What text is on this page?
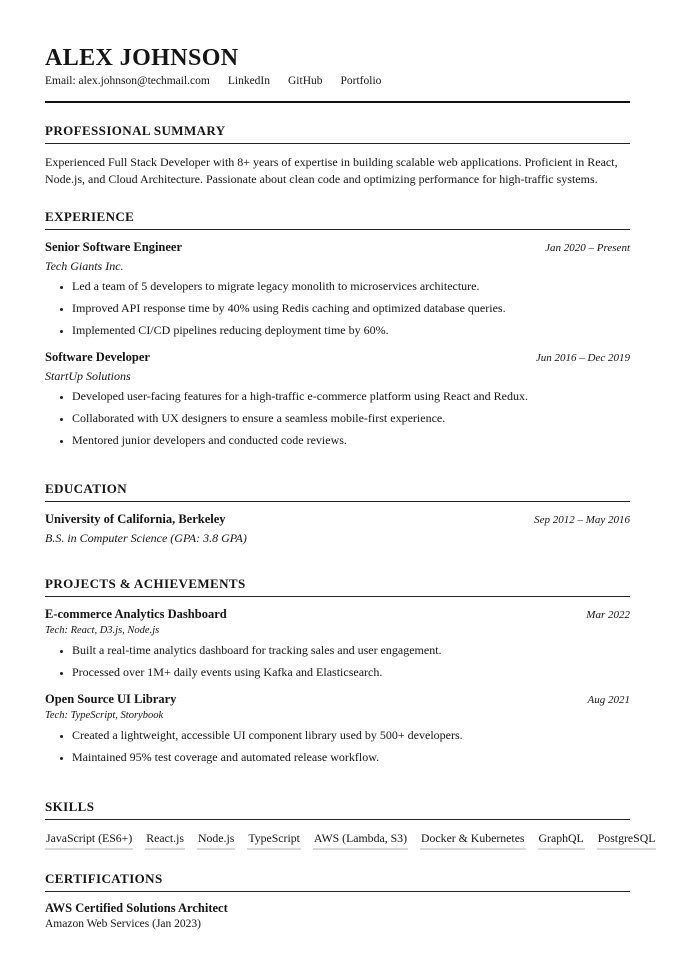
ALEX JOHNSON
Email: alex.johnson@techmail.com LinkedIn GitHub Portfolio
PROFESSIONAL SUMMARY

Experienced Full Stack Developer with 8+ years of expertise in building scalable web applications. Proficient in React, Node.js, and Cloud Architecture. Passionate about clean code and optimizing performance for high-traffic systems.

EXPERIENCE
Senior Software Engineer	Jan 2020 – Present
Tech Giants Inc.
• Led a team of 5 developers to migrate legacy monolith to microservices architecture.
• Improved API response time by 40% using Redis caching and optimized database queries.
• Implemented CI/CD pipelines reducing deployment time by 60%.
Software Developer	Jun 2016 – Dec 2019
StartUp Solutions
• Developed user-facing features for a high-traffic e-commerce platform using React and Redux.
• Collaborated with UX designers to ensure a seamless mobile-first experience.
• Mentored junior developers and conducted code reviews.
EDUCATION
University of California, Berkeley	Sep 2012 – May 2016
B.S. in Computer Science (GPA: 3.8 GPA)
PROJECTS & ACHIEVEMENTS
E-commerce Analytics Dashboard	Mar 2022
Tech: React, D3.js, Node.js
• Built a real-time analytics dashboard for tracking sales and user engagement.
• Processed over 1M+ daily events using Kafka and Elasticsearch.
Open Source UI Library	Aug 2021
Tech: TypeScript, Storybook
• Created a lightweight, accessible UI component library used by 500+ developers.
• Maintained 95% test coverage and automated release workflow.
SKILLS
JavaScript (ES6+) React.js Node.js TypeScript AWS (Lambda, S3) Docker & Kubernetes GraphQL PostgreSQL
CERTIFICATIONS
AWS Certified Solutions Architect
Amazon Web Services (Jan 2023)
